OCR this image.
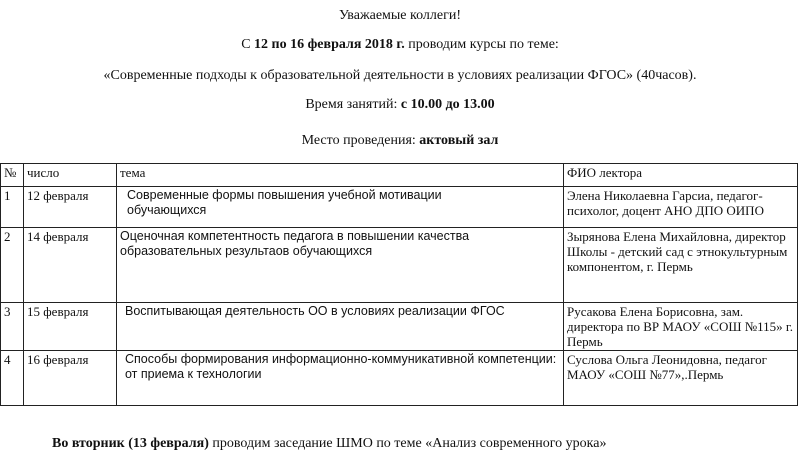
Уважаемые коллеги!
С 12 по 16 февраля 2018 г. проводим курсы по теме:
«Современные подходы к образовательной деятельности в условиях реализации ФГОС» (40часов).
Время занятий: с 10.00 до 13.00
Место проведения: актовый зал
№	число	тема	ФИО лектора
1	12 февраля	Современные формы повышения учебной мотивации обучающихся	Элена Николаевна Гарсиа, педагог-психолог, доцент АНО ДПО ОИПО
2	14 февраля	Оценочная компетентность педагога в повышении качества образовательных результаов обучающихся	Зырянова Елена Михайловна, директор Школы - детский сад с этнокультурным компонентом, г. Пермь
3	15 февраля	Воспитывающая деятельность ОО в условиях реализации ФГОС	Русакова Елена Борисовна, зам. директора по ВР МАОУ «СОШ №115» г. Пермь
4	16 февраля	Способы формирования информационно-коммуникативной компетенции: от приема к технологии	Суслова Ольга Леонидовна, педагог МАОУ «СОШ №77»,.Пермь
Во вторник (13 февраля) проводим заседание ШМО по теме «Анализ современного урока»
